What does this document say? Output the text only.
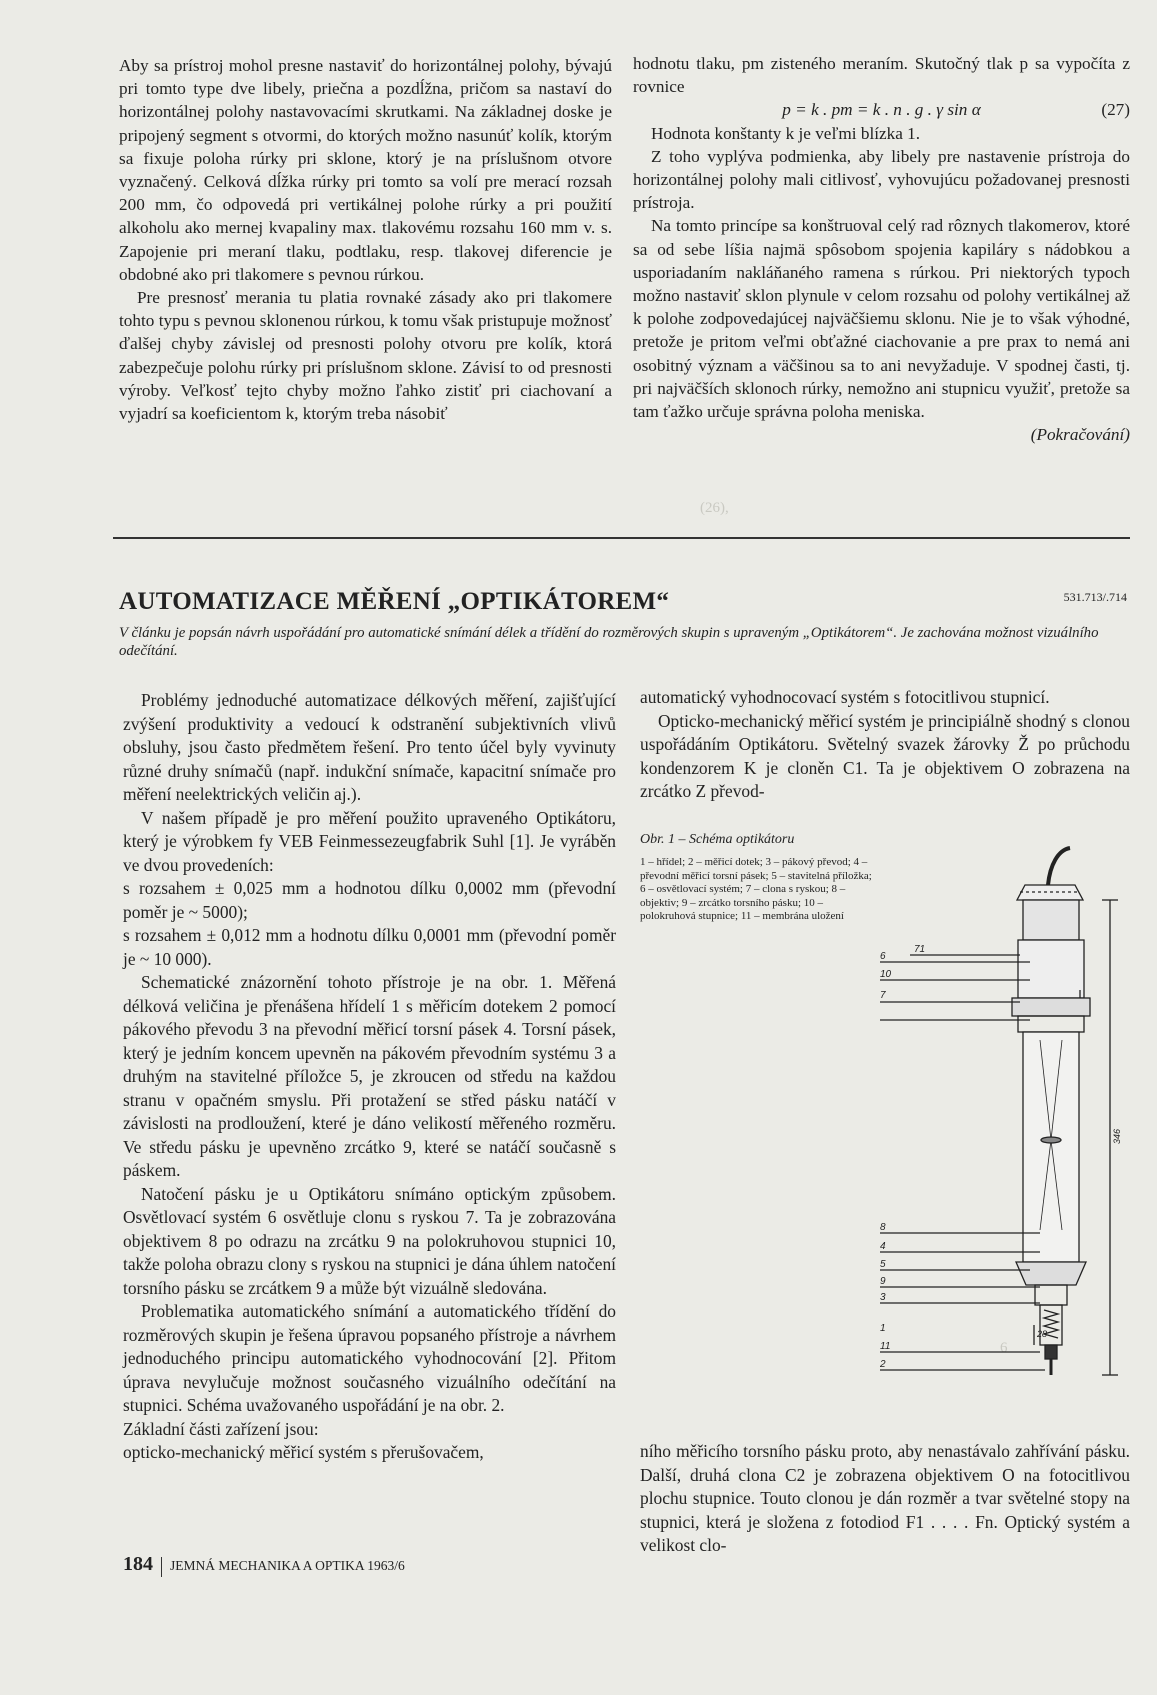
(26),
6

Aby sa prístroj mohol presne nastaviť do horizontálnej polohy, bývajú pri tomto type dve libely, priečna a pozdĺžna, pričom sa nastaví do horizontálnej polohy nastavovacími skrutkami. Na základnej doske je pripojený segment s otvormi, do ktorých možno nasunúť kolík, ktorým sa fixuje poloha rúrky pri sklone, ktorý je na príslušnom otvore vyznačený. Celková dĺžka rúrky pri tomto sa volí pre merací rozsah 200 mm, čo odpovedá pri vertikálnej polohe rúrky a pri použití alkoholu ako mernej kvapaliny max. tlakovému rozsahu 160 mm v. s. Zapojenie pri meraní tlaku, podtlaku, resp. tlakovej diferencie je obdobné ako pri tlakomere s pevnou rúrkou.

Pre presnosť merania tu platia rovnaké zásady ako pri tlakomere tohto typu s pevnou sklonenou rúrkou, k tomu však pristupuje možnosť ďalšej chyby závislej od presnosti polohy otvoru pre kolík, ktorá zabezpečuje polohu rúrky pri príslušnom sklone. Závisí to od presnosti výroby. Veľkosť tejto chyby možno ľahko zistiť pri ciachovaní a vyjadrí sa koeficientom k, ktorým treba násobiť

hodnotu tlaku, pm zisteného meraním. Skutočný tlak p sa vypočíta z rovnice

p = k . pm = k . n . g . γ sin α	(27)

Hodnota konštanty k je veľmi blízka 1.

Z toho vyplýva podmienka, aby libely pre nastavenie prístroja do horizontálnej polohy mali citlivosť, vyhovujúcu požadovanej presnosti prístroja.

Na tomto princípe sa konštruoval celý rad rôznych tlakomerov, ktoré sa od sebe líšia najmä spôsobom spojenia kapiláry s nádobkou a usporiadaním nakláňaného ramena s rúrkou. Pri niektorých typoch možno nastaviť sklon plynule v celom rozsahu od polohy vertikálnej až k polohe zodpovedajúcej najväčšiemu sklonu. Nie je to však výhodné, pretože je pritom veľmi obťažné ciachovanie a pre prax to nemá ani osobitný význam a väčšinou sa to ani nevyžaduje. V spodnej časti, tj. pri najväčších sklonoch rúrky, nemožno ani stupnicu využiť, pretože sa tam ťažko určuje správna poloha meniska.

(Pokračování)

AUTOMATIZACE MĚŘENÍ „OPTIKÁTOREM“	531.713/.714
V článku je popsán návrh uspořádání pro automatické snímání délek a třídění do rozměrových skupin s upraveným „Optikátorem“. Je zachována možnost vizuálního odečítání.

Problémy jednoduché automatizace délkových měření, zajišťující zvýšení produktivity a vedoucí k odstranění subjektivních vlivů obsluhy, jsou často předmětem řešení. Pro tento účel byly vyvinuty různé druhy snímačů (např. indukční snímače, kapacitní snímače pro měření neelektrických veličin aj.).

V našem případě je pro měření použito upraveného Optikátoru, který je výrobkem fy VEB Feinmessezeugfabrik Suhl [1]. Je vyráběn ve dvou provedeních:

s rozsahem ± 0,025 mm a hodnotou dílku 0,0002 mm (převodní poměr je ~ 5000);

s rozsahem ± 0,012 mm a hodnotu dílku 0,0001 mm (převodní poměr je ~ 10 000).

Schematické znázornění tohoto přístroje je na obr. 1. Měřená délková veličina je přenášena hřídelí 1 s měřicím dotekem 2 pomocí pákového převodu 3 na převodní měřicí torsní pásek 4. Torsní pásek, který je jedním koncem upevněn na pákovém převodním systému 3 a druhým na stavitelné příložce 5, je zkroucen od středu na každou stranu v opačném smyslu. Při protažení se střed pásku natáčí v závislosti na prodloužení, které je dáno velikostí měřeného rozměru. Ve středu pásku je upevněno zrcátko 9, které se natáčí současně s páskem.

Natočení pásku je u Optikátoru snímáno optickým způsobem. Osvětlovací systém 6 osvětluje clonu s ryskou 7. Ta je zobrazována objektivem 8 po odrazu na zrcátku 9 na polokruhovou stupnici 10, takže poloha obrazu clony s ryskou na stupnici je dána úhlem natočení torsního pásku se zrcátkem 9 a může být vizuálně sledována.

Problematika automatického snímání a automatického třídění do rozměrových skupin je řešena úpravou popsaného přístroje a návrhem jednoduchého principu automatického vyhodnocování [2]. Přitom úprava nevylučuje možnost současného vizuálního odečítání na stupnici. Schéma uvažovaného uspořádání je na obr. 2.

Základní části zařízení jsou:

opticko-mechanický měřicí systém s přerušovačem,

automatický vyhodnocovací systém s fotocitlivou stupnicí.

Opticko-mechanický měřicí systém je principiálně shodný s clonou uspořádáním Optikátoru. Světelný svazek žárovky Ž po průchodu kondenzorem K je cloněn C1. Ta je objektivem O zobrazena na zrcátko Z převod-

Obr. 1 – Schéma optikátoru
1 – hřídel; 2 – měřicí dotek; 3 – pákový převod; 4 – převodní měřicí torsní pásek; 5 – stavitelná příložka; 6 – osvětlovací systém; 7 – clona s ryskou; 8 – objektiv; 9 – zrcátko torsního pásku; 10 – polokruhová stupnice; 11 – membrána uložení
71
6
10
7
8
4
5
9
3
1
11
2
28
346

ního měřicího torsního pásku proto, aby nenastávalo zahřívání pásku. Další, druhá clona C2 je zobrazena objektivem O na fotocitlivou plochu stupnice. Touto clonou je dán rozměr a tvar světelné stopy na stupnici, která je složena z fotodiod F1 . . . . Fn. Optický systém a velikost clo-

184 JEMNÁ MECHANIKA A OPTIKA 1963/6
